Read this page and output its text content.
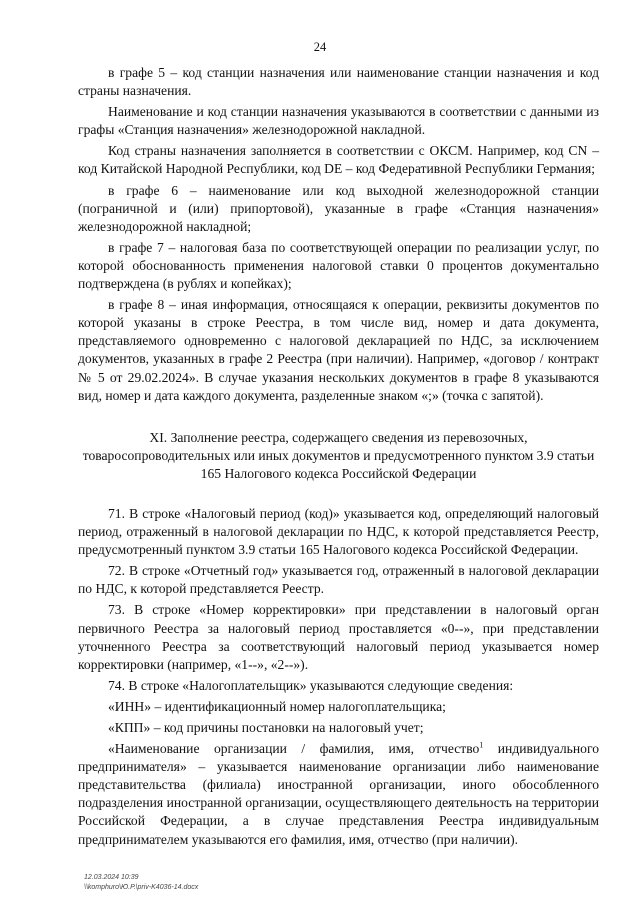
24

в графе 5 – код станции назначения или наименование станции назначения и код страны назначения.

Наименование и код станции назначения указываются в соответствии с данными из графы «Станция назначения» железнодорожной накладной.

Код страны назначения заполняется в соответствии с ОКСМ. Например, код CN – код Китайской Народной Республики, код DE – код Федеративной Республики Германия;

в графе 6 – наименование или код выходной железнодорожной станции (пограничной и (или) припортовой), указанные в графе «Станция назначения» железнодорожной накладной;

в графе 7 – налоговая база по соответствующей операции по реализации услуг, по которой обоснованность применения налоговой ставки 0 процентов документально подтверждена (в рублях и копейках);

в графе 8 – иная информация, относящаяся к операции, реквизиты документов по которой указаны в строке Реестра, в том числе вид, номер и дата документа, представляемого одновременно с налоговой декларацией по НДС, за исключением документов, указанных в графе 2 Реестра (при наличии). Например, «договор / контракт № 5 от 29.02.2024». В случае указания нескольких документов в графе 8 указываются вид, номер и дата каждого документа, разделенные знаком «;» (точка с запятой).

XI. Заполнение реестра, содержащего сведения из перевозочных, товаросопроводительных или иных документов и предусмотренного пунктом 3.9 статьи 165 Налогового кодекса Российской Федерации

71. В строке «Налоговый период (код)» указывается код, определяющий налоговый период, отраженный в налоговой декларации по НДС, к которой представляется Реестр, предусмотренный пунктом 3.9 статьи 165 Налогового кодекса Российской Федерации.

72. В строке «Отчетный год» указывается год, отраженный в налоговой декларации по НДС, к которой представляется Реестр.

73. В строке «Номер корректировки» при представлении в налоговый орган первичного Реестра за налоговый период проставляется «0--», при представлении уточненного Реестра за соответствующий налоговый период указывается номер корректировки (например, «1--», «2--»).

74. В строке «Налогоплательщик» указываются следующие сведения:

«ИНН» – идентификационный номер налогоплательщика;

«КПП» – код причины постановки на налоговый учет;

«Наименование организации / фамилия, имя, отчество$^1$ индивидуального предпринимателя» – указывается наименование организации либо наименование представительства (филиала) иностранной организации, иного обособленного подразделения иностранной организации, осуществляющего деятельность на территории Российской Федерации, а в случае представления Реестра индивидуальным предпринимателем указываются его фамилия, имя, отчество (при наличии).

12.03.2024 10:39
\\komphuro\Ю.Р.\priv-K4036-14.docx
